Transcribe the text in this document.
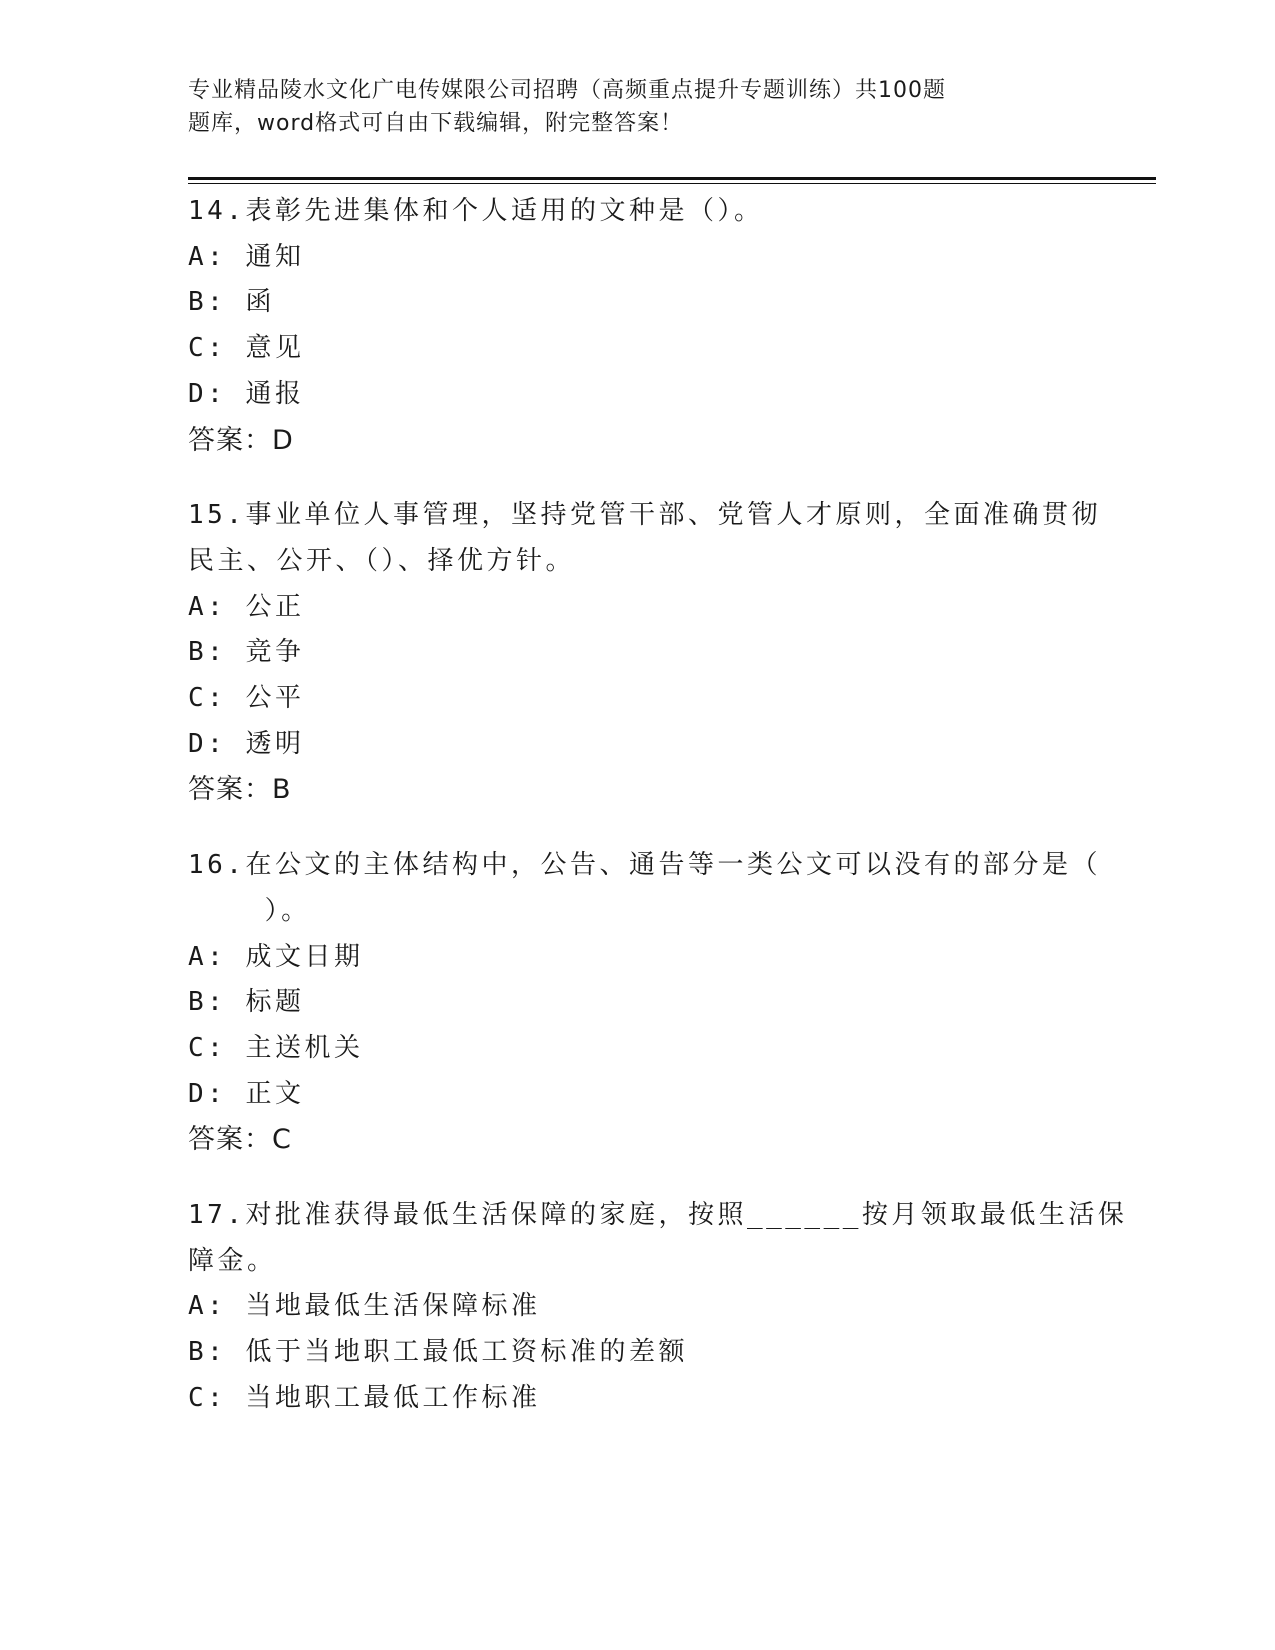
专业精品陵水文化广电传媒限公司招聘（高频重点提升专题训练）共100题
题库，word格式可自由下载编辑，附完整答案！
14.表彰先进集体和个人适用的文种是（）。
A: 通知
B: 函
C: 意见
D: 通报
答案：D
15.事业单位人事管理，坚持党管干部、党管人才原则，全面准确贯彻
民主、公开、（）、择优方针。
A: 公正
B: 竞争
C: 公平
D: 透明
答案：B
16.在公文的主体结构中，公告、通告等一类公文可以没有的部分是（
）。
A: 成文日期
B: 标题
C: 主送机关
D: 正文
答案：C
17.对批准获得最低生活保障的家庭，按照______按月领取最低生活保
障金。
A: 当地最低生活保障标准
B: 低于当地职工最低工资标准的差额
C: 当地职工最低工作标准
